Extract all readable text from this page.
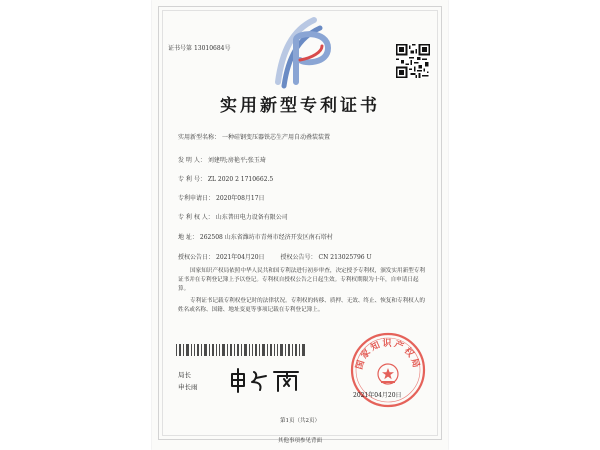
证书号第 13010684号
实用新型专利证书
实用新型名称： 一种硅钢变压器铁芯生产用自动叠装装置
发 明 人： 刘建明;房艳平;张玉琦
专 利 号： ZL 2020 2 1710662.5
专利申请日： 2020年08月17日
专 利 权 人： 山东普田电力设备有限公司
地 址： 262508 山东省潍坊市青州市经济开发区南石塔村
授权公告日： 2021年04月20日	授权公告号： CN 213025796 U
国家知识产权局依照中华人民共和国专利法进行初步审查，决定授予专利权，颁发实用新型专利证书并在专利登记簿上予以登记。专利权自授权公告之日起生效。专利权期限为十年，自申请日起算。
专利证书记载专利权登记时的法律状况。专利权的转移、质押、无效、终止、恢复和专利权人的姓名或名称、国籍、地址变更等事项记载在专利登记簿上。
局长
申长雨
国家知识产权局
2021年04月20日
第1页（共2页）
其他事项参见背面
